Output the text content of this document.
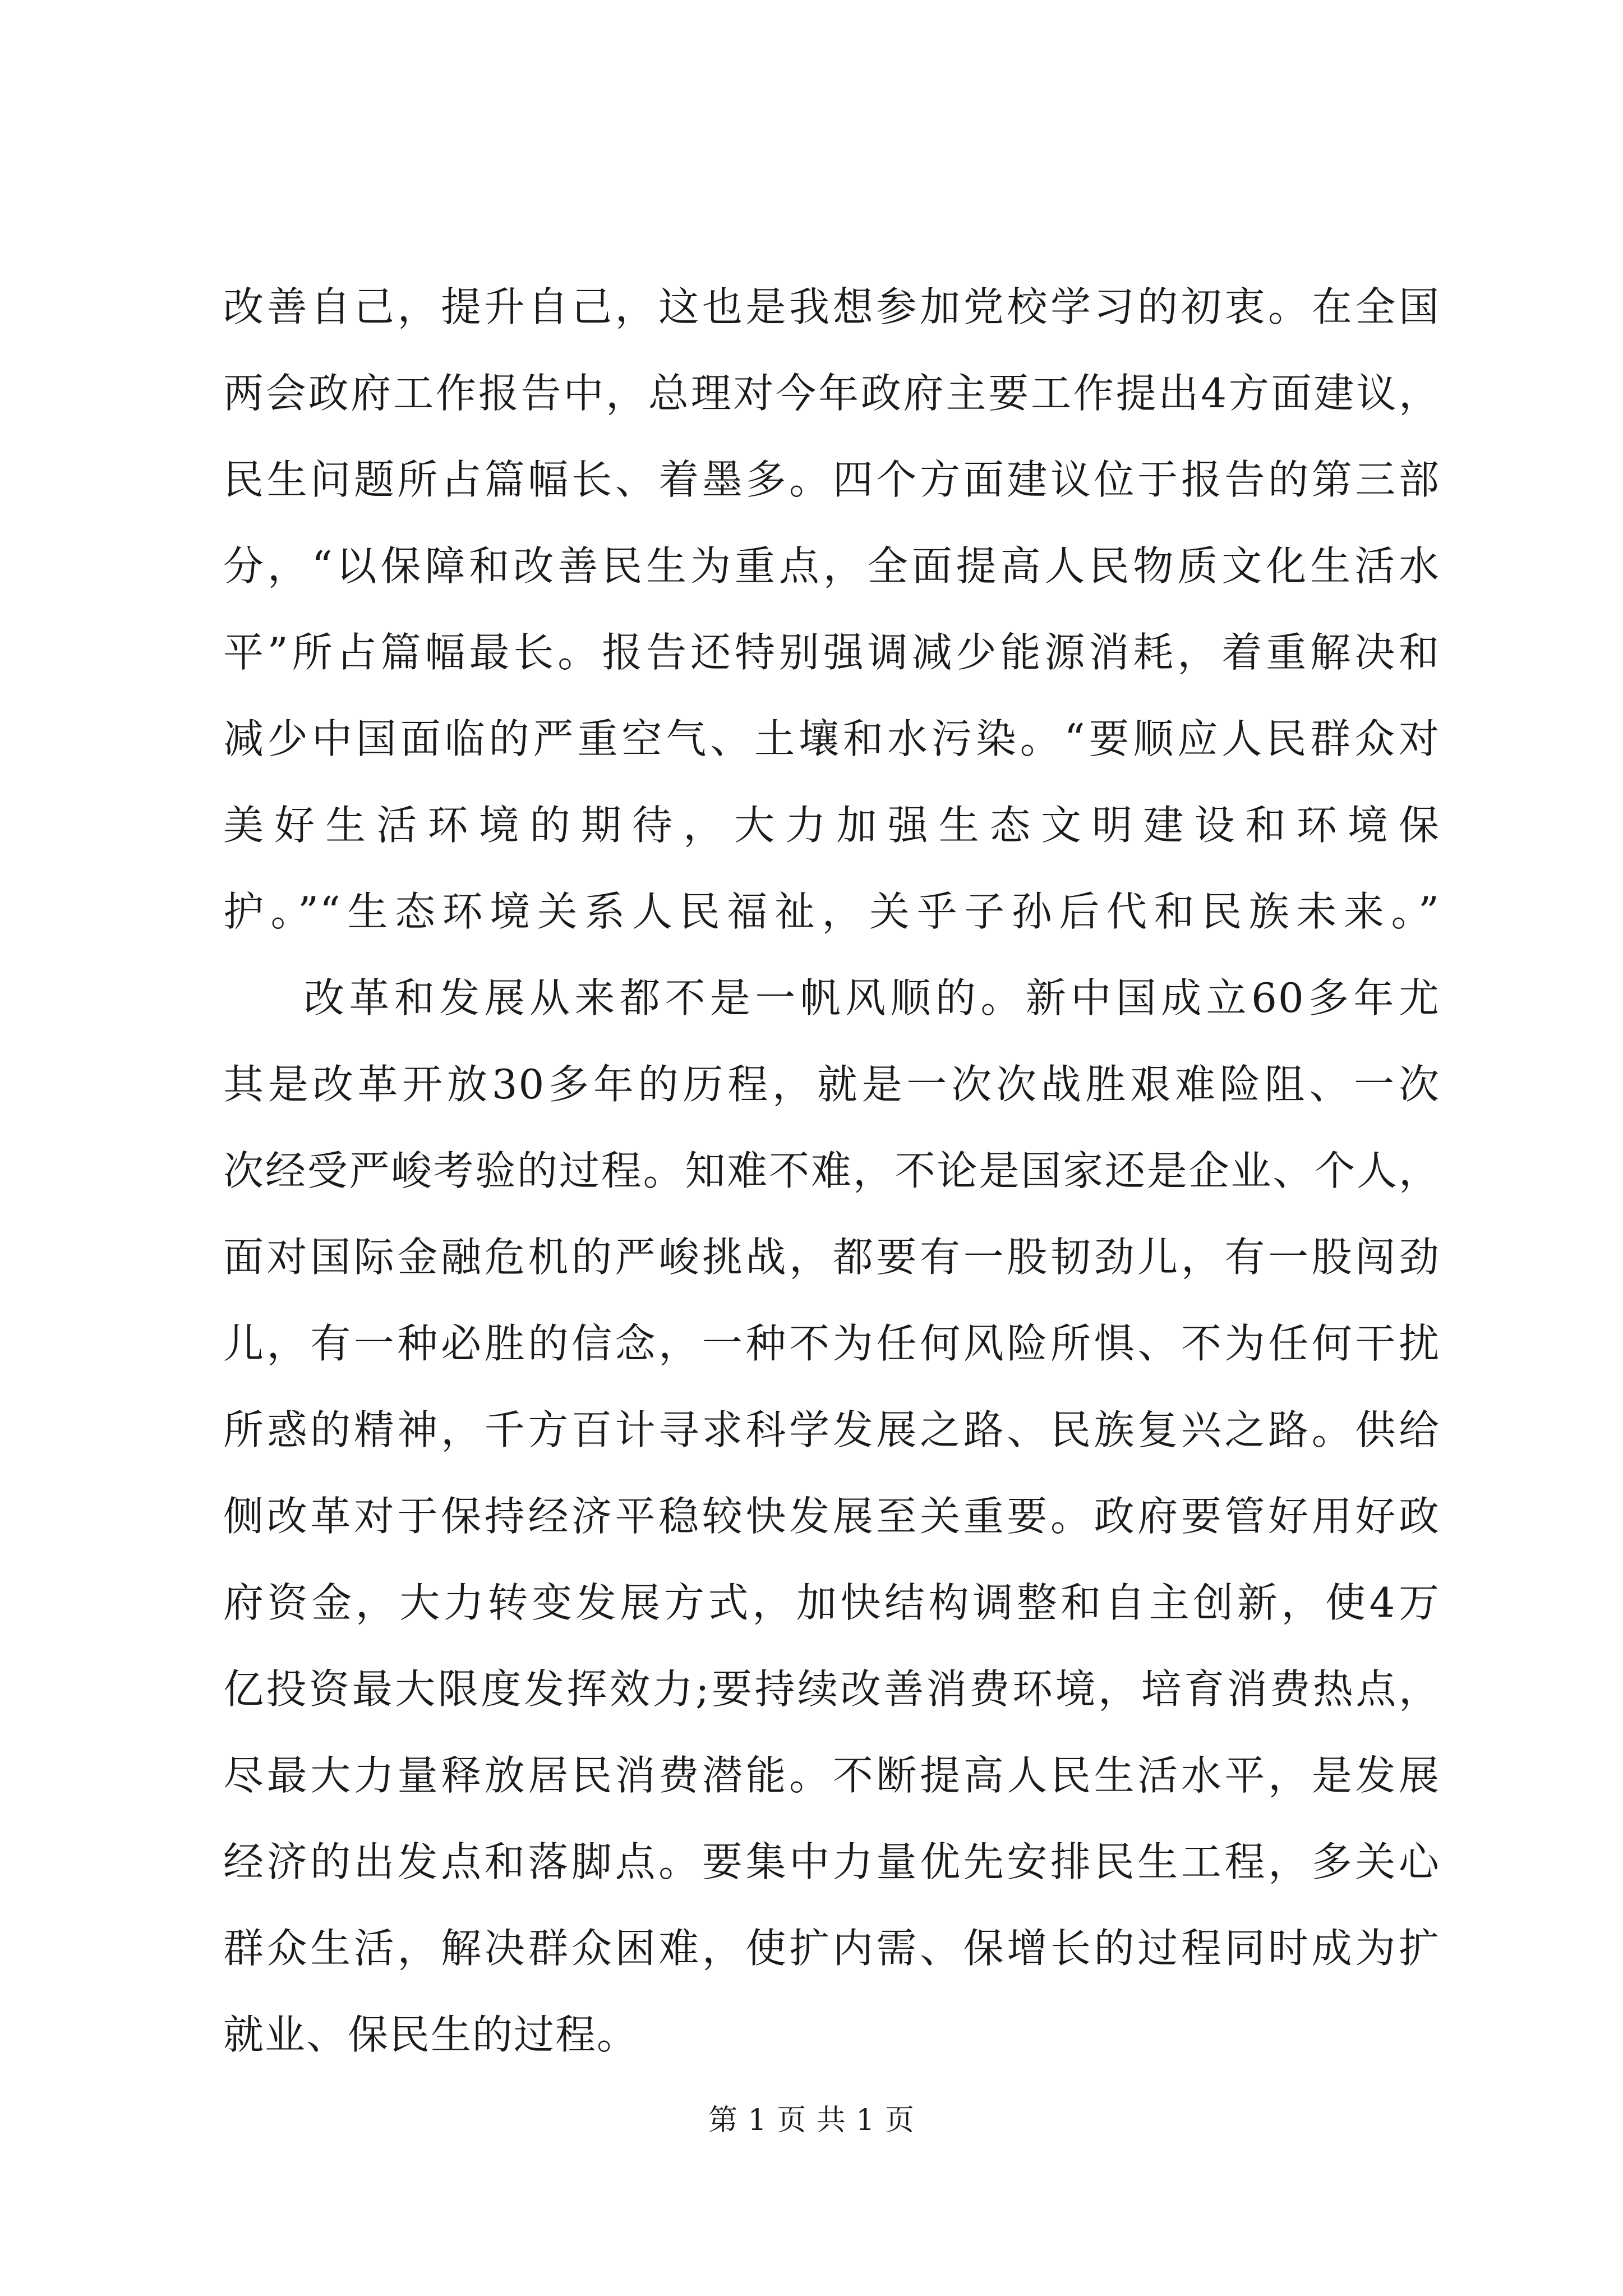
改善自己，提升自己，这也是我想参加党校学习的初衷。在全国
两会政府工作报告中，总理对今年政府主要工作提出4方面建议，
民生问题所占篇幅长、着墨多。四个方面建议位于报告的第三部
分，“以保障和改善民生为重点，全面提高人民物质文化生活水
平”所占篇幅最长。报告还特别强调减少能源消耗，着重解决和
减少中国面临的严重空气、土壤和水污染。“要顺应人民群众对
美好生活环境的期待，大力加强生态文明建设和环境保
护。”“生态环境关系人民福祉，关乎子孙后代和民族未来。”
改革和发展从来都不是一帆风顺的。新中国成立60多年尤
其是改革开放30多年的历程，就是一次次战胜艰难险阻、一次
次经受严峻考验的过程。知难不难，不论是国家还是企业、个人，
面对国际金融危机的严峻挑战，都要有一股韧劲儿，有一股闯劲
儿，有一种必胜的信念，一种不为任何风险所惧、不为任何干扰
所惑的精神，千方百计寻求科学发展之路、民族复兴之路。供给
侧改革对于保持经济平稳较快发展至关重要。政府要管好用好政
府资金，大力转变发展方式，加快结构调整和自主创新，使4万
亿投资最大限度发挥效力;要持续改善消费环境，培育消费热点，
尽最大力量释放居民消费潜能。不断提高人民生活水平，是发展
经济的出发点和落脚点。要集中力量优先安排民生工程，多关心
群众生活，解决群众困难，使扩内需、保增长的过程同时成为扩
就业、保民生的过程。
第 1 页 共 1 页
